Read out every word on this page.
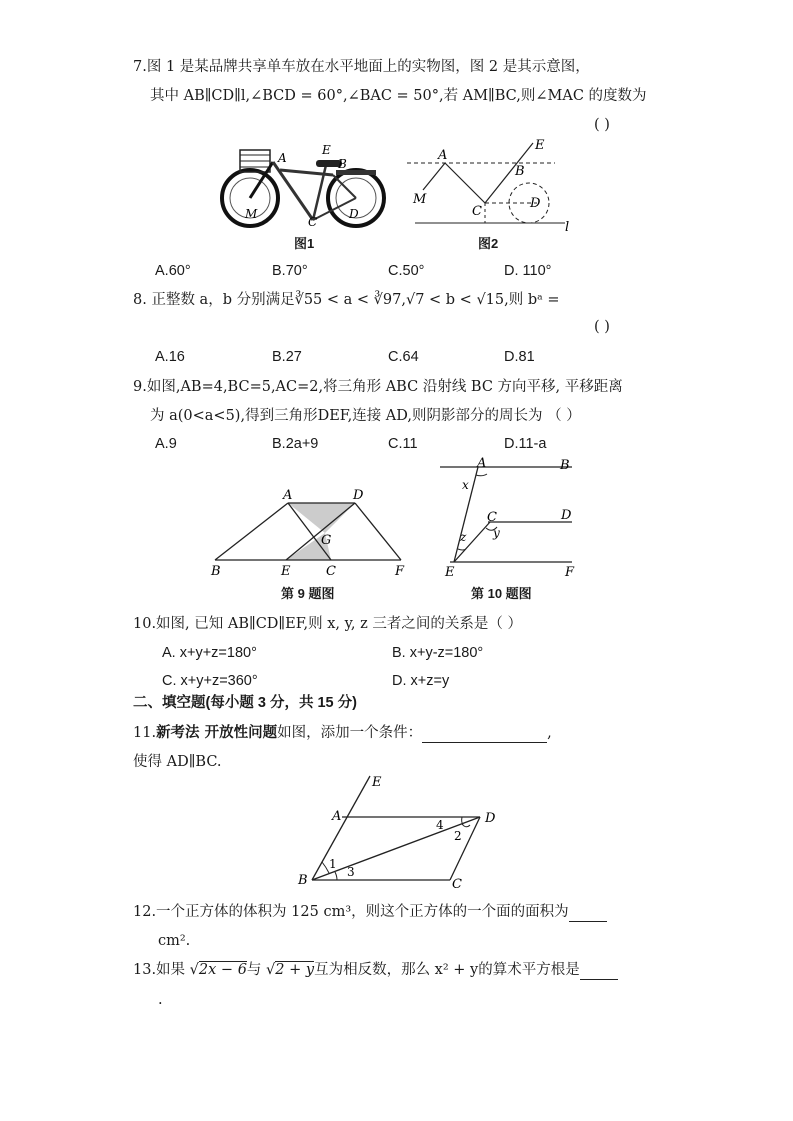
7.图 1 是某品牌共享单车放在水平地面上的实物图，图 2 是其示意图，
其中 AB∥CD∥l,∠BCD = 60°,∠BAC = 50°,若 AM∥BC,则∠MAC 的度数为
( )
A
E
B
M
C
D
图1
A
E
B
M
C
D
l
图2
A.60°	B.70°	C.50°	D. 110°
8. 正整数 a，b 分别满足∛55 < a < ∛97,√7 < b < √15,则 bᵃ =
( )
A.16	B.27	C.64	D.81
9.如图,AB=4,BC=5,AC=2,将三角形 ABC 沿射线 BC 方向平移, 平移距离
为 a(0<a<5),得到三角形DEF,连接 AD,则阴影部分的周长为 （ ）
A.9	B.2a+9	C.11	D.11-a
A	D
G
B	E	C	F
第 9 题图
A	B
x
C	D
y
z
E	F
第 10 题图
10.如图, 已知 AB∥CD∥EF,则 x, y, z 三者之间的关系是（ ）
A. x+y+z=180°	B. x+y-z=180°
C. x+y+z=360°	D. x+z=y
二、填空题(每小题 3 分，共 15 分)
11.新考法 开放性问题如图，添加一个条件：	,
使得 AD∥BC.
E
A	D
B	C
1
2
3
4
12.一个正方体的体积为 125 cm³，则这个正方体的一个面的面积为
cm².
13.如果 √2x − 6与 √2 + y互为相反数，那么 x² + y的算术平方根是
.
